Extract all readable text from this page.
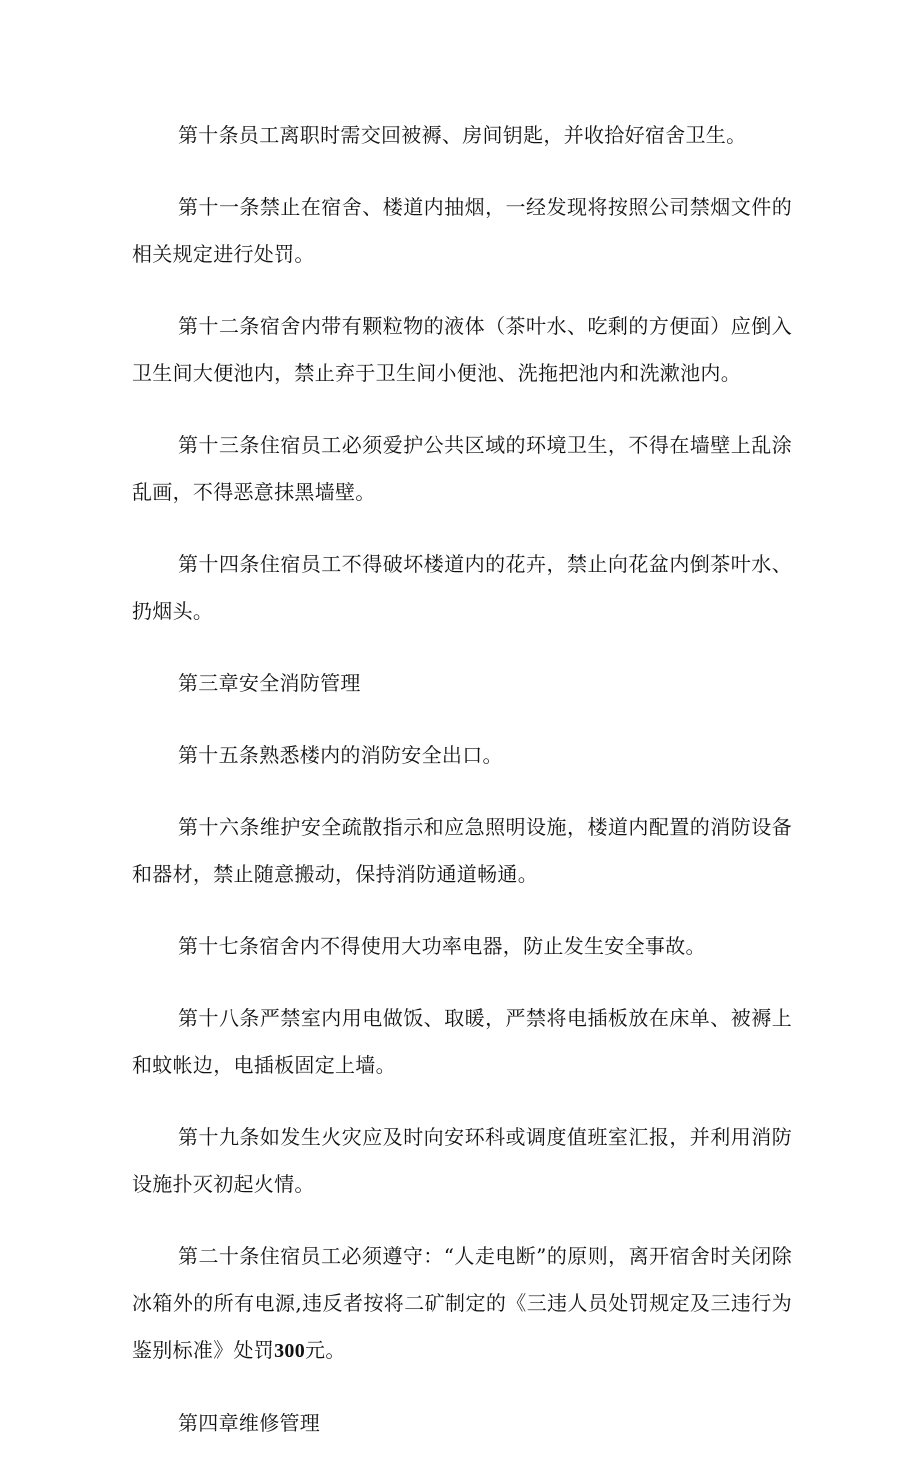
第十条员工离职时需交回被褥、房间钥匙，并收拾好宿舍卫生。

第十一条禁止在宿舍、楼道内抽烟，一经发现将按照公司禁烟文件的相关规定进行处罚。

第十二条宿舍内带有颗粒物的液体（茶叶水、吃剩的方便面）应倒入卫生间大便池内，禁止弃于卫生间小便池、洗拖把池内和洗漱池内。

第十三条住宿员工必须爱护公共区域的环境卫生，不得在墙壁上乱涂乱画，不得恶意抹黑墙壁。

第十四条住宿员工不得破坏楼道内的花卉，禁止向花盆内倒茶叶水、扔烟头。

第三章安全消防管理

第十五条熟悉楼内的消防安全出口。

第十六条维护安全疏散指示和应急照明设施，楼道内配置的消防设备和器材，禁止随意搬动，保持消防通道畅通。

第十七条宿舍内不得使用大功率电器，防止发生安全事故。

第十八条严禁室内用电做饭、取暖，严禁将电插板放在床单、被褥上和蚊帐边，电插板固定上墙。

第十九条如发生火灾应及时向安环科或调度值班室汇报，并利用消防设施扑灭初起火情。

第二十条住宿员工必须遵守：“人走电断”的原则，离开宿舍时关闭除冰箱外的所有电源,违反者按将二矿制定的《三违人员处罚规定及三违行为鉴别标准》处罚300元。

第四章维修管理
